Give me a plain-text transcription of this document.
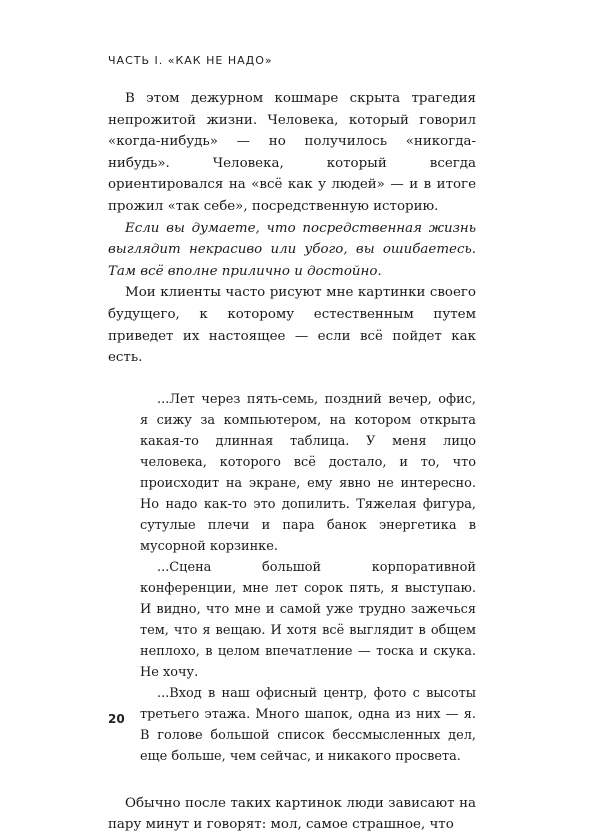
ЧАСТЬ I. «КАК НЕ НАДО»

В этом дежурном кошмаре скрыта трагедия непрожитой жизни. Человека, который говорил «когда-нибудь» — но получилось «никогда-нибудь». Человека, который всегда ориентировался на «всё как у людей» — и в итоге прожил «так себе», посредственную историю.

Если вы думаете, что посредственная жизнь выглядит некрасиво или убого, вы ошибаетесь. Там всё вполне прилично и достойно.

Мои клиенты часто рисуют мне картинки своего будущего, к которому естественным путем приведет их настоящее — если всё пойдет как есть.

...Лет через пять-семь, поздний вечер, офис, я сижу за компьютером, на котором открыта какая-то длинная таблица. У меня лицо человека, которого всё достало, и то, что происходит на экране, ему явно не интересно. Но надо как-то это допилить. Тяжелая фигура, сутулые плечи и пара банок энергетика в мусорной корзинке.

...Сцена большой корпоративной конференции, мне лет сорок пять, я выступаю. И видно, что мне и самой уже трудно зажечься тем, что я вещаю. И хотя всё выглядит в общем неплохо, в целом впечатление — тоска и скука. Не хочу.

...Вход в наш офисный центр, фото с высоты третьего этажа. Много шапок, одна из них — я. В голове большой список бессмысленных дел, еще больше, чем сейчас, и никакого просвета.

Обычно после таких картинок люди зависают на пару минут и говорят: мол, самое страшное, что

20
